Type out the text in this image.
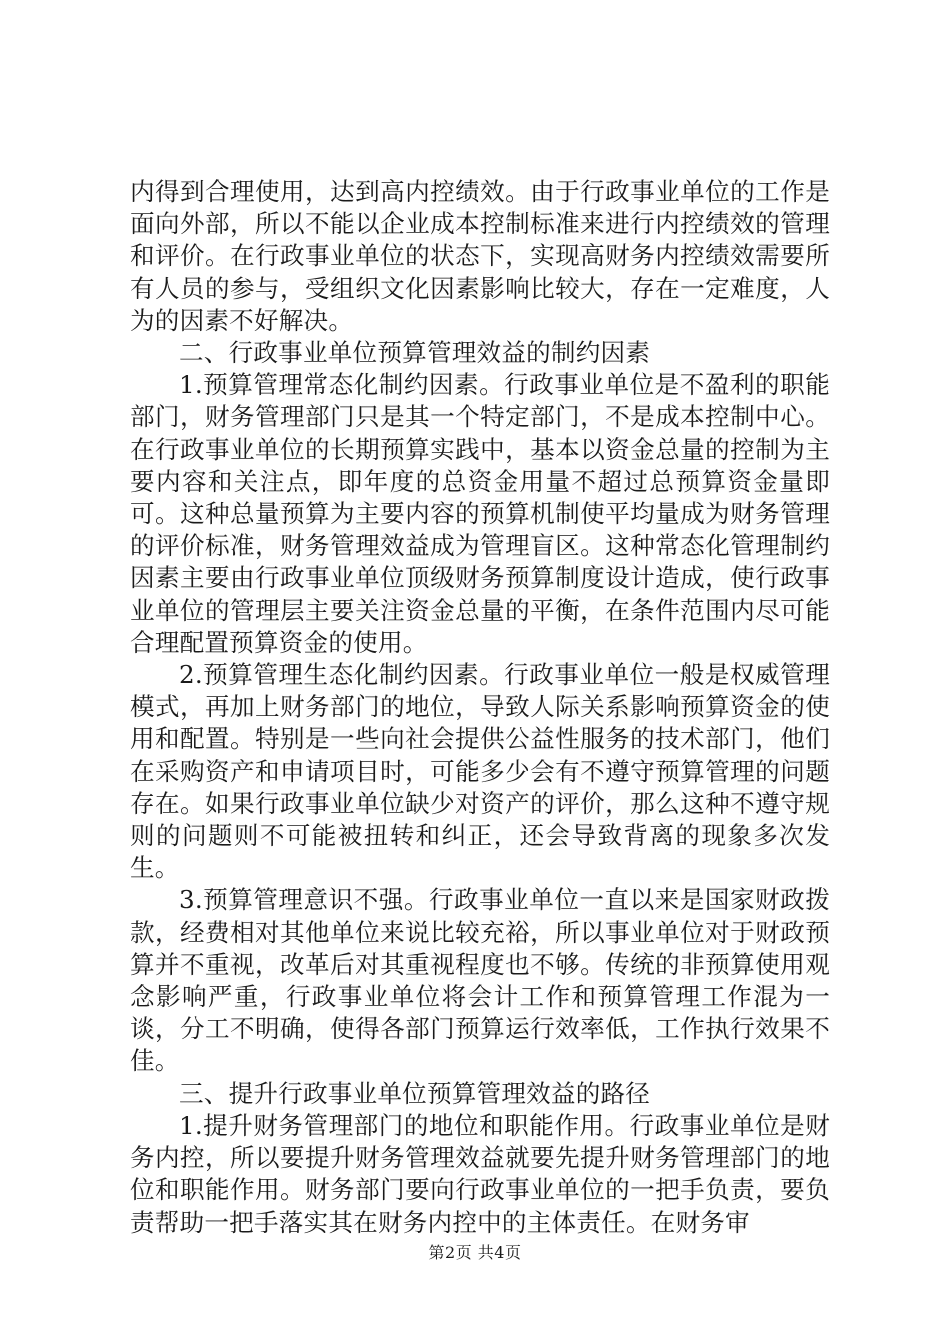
内得到合理使用，达到高内控绩效。由于行政事业单位的工作是面向外部，所以不能以企业成本控制标准来进行内控绩效的管理和评价。在行政事业单位的状态下，实现高财务内控绩效需要所有人员的参与，受组织文化因素影响比较大，存在一定难度，人为的因素不好解决。

二、行政事业单位预算管理效益的制约因素

1.预算管理常态化制约因素。行政事业单位是不盈利的职能部门，财务管理部门只是其一个特定部门，不是成本控制中心。在行政事业单位的长期预算实践中，基本以资金总量的控制为主要内容和关注点，即年度的总资金用量不超过总预算资金量即可。这种总量预算为主要内容的预算机制使平均量成为财务管理的评价标准，财务管理效益成为管理盲区。这种常态化管理制约因素主要由行政事业单位顶级财务预算制度设计造成，使行政事业单位的管理层主要关注资金总量的平衡，在条件范围内尽可能合理配置预算资金的使用。

2.预算管理生态化制约因素。行政事业单位一般是权威管理模式，再加上财务部门的地位，导致人际关系影响预算资金的使用和配置。特别是一些向社会提供公益性服务的技术部门，他们在采购资产和申请项目时，可能多少会有不遵守预算管理的问题存在。如果行政事业单位缺少对资产的评价，那么这种不遵守规则的问题则不可能被扭转和纠正，还会导致背离的现象多次发生。

3.预算管理意识不强。行政事业单位一直以来是国家财政拨款，经费相对其他单位来说比较充裕，所以事业单位对于财政预算并不重视，改革后对其重视程度也不够。传统的非预算使用观念影响严重，行政事业单位将会计工作和预算管理工作混为一谈，分工不明确，使得各部门预算运行效率低，工作执行效果不佳。

三、提升行政事业单位预算管理效益的路径

1.提升财务管理部门的地位和职能作用。行政事业单位是财务内控，所以要提升财务管理效益就要先提升财务管理部门的地位和职能作用。财务部门要向行政事业单位的一把手负责，要负责帮助一把手落实其在财务内控中的主体责任。在财务审

第2页 共4页
